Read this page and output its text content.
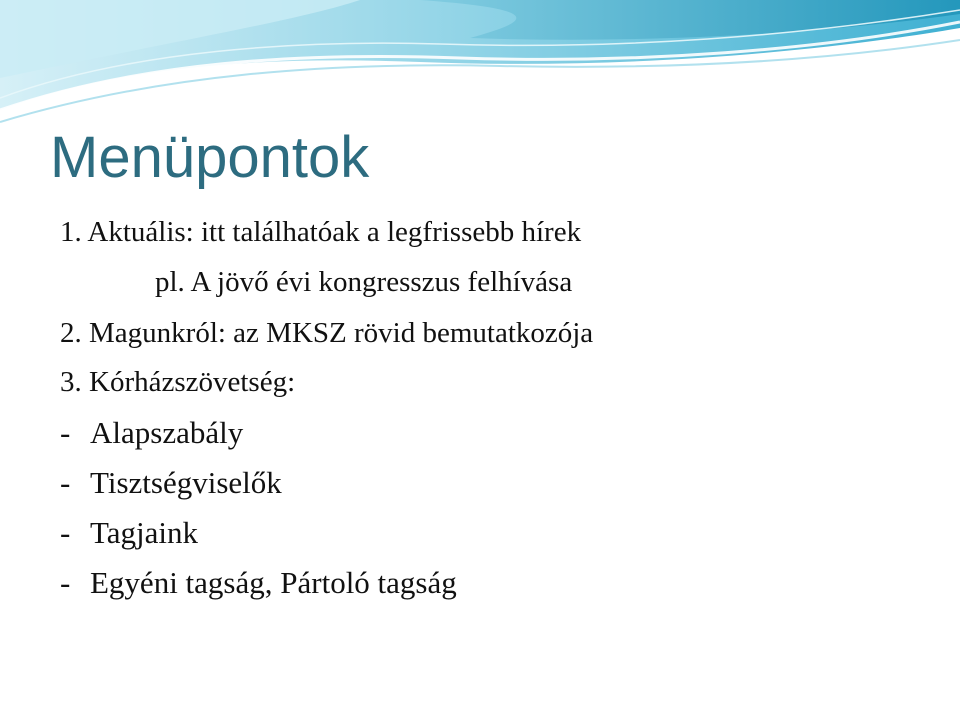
Menüpontok
1. Aktuális: itt találhatóak a legfrissebb hírek
pl. A jövő évi kongresszus felhívása
2. Magunkról: az MKSZ rövid bemutatkozója
3. Kórházszövetség:
- Alapszabály
- Tisztségviselők
- Tagjaink
- Egyéni tagság, Pártoló tagság
